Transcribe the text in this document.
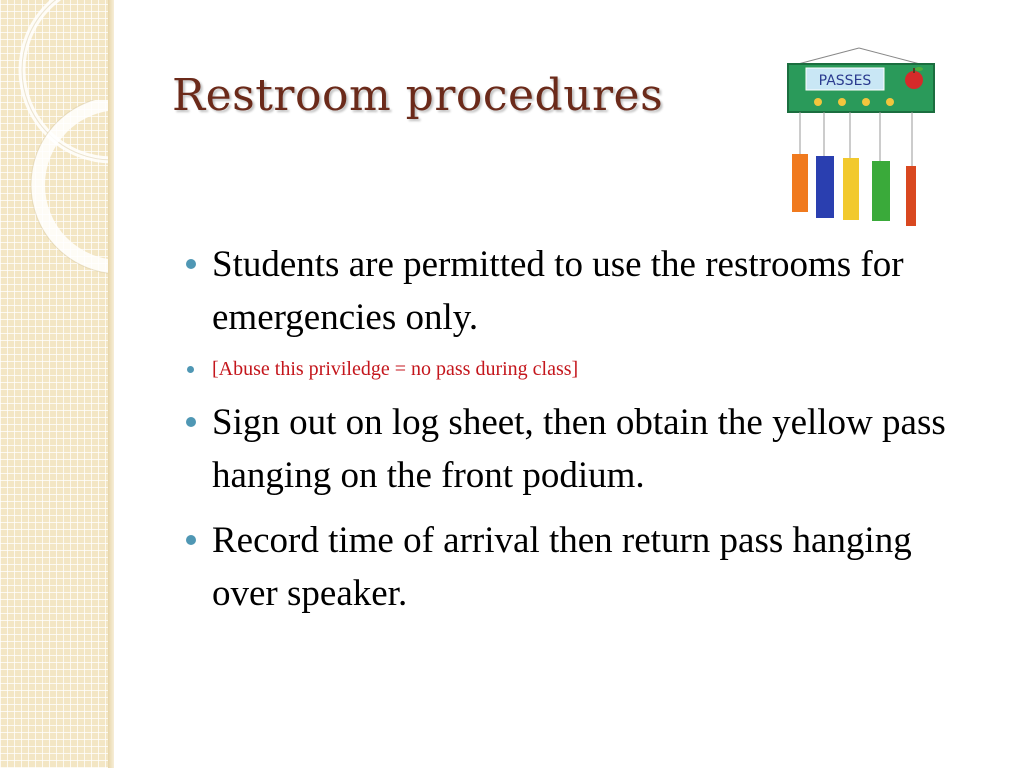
Restroom procedures	PASSES
Students are permitted to use the restrooms for emergencies only.
[Abuse this priviledge = no pass during class]
Sign out on log sheet, then obtain the yellow pass hanging on the front podium.
Record time of arrival then return pass hanging over speaker.
